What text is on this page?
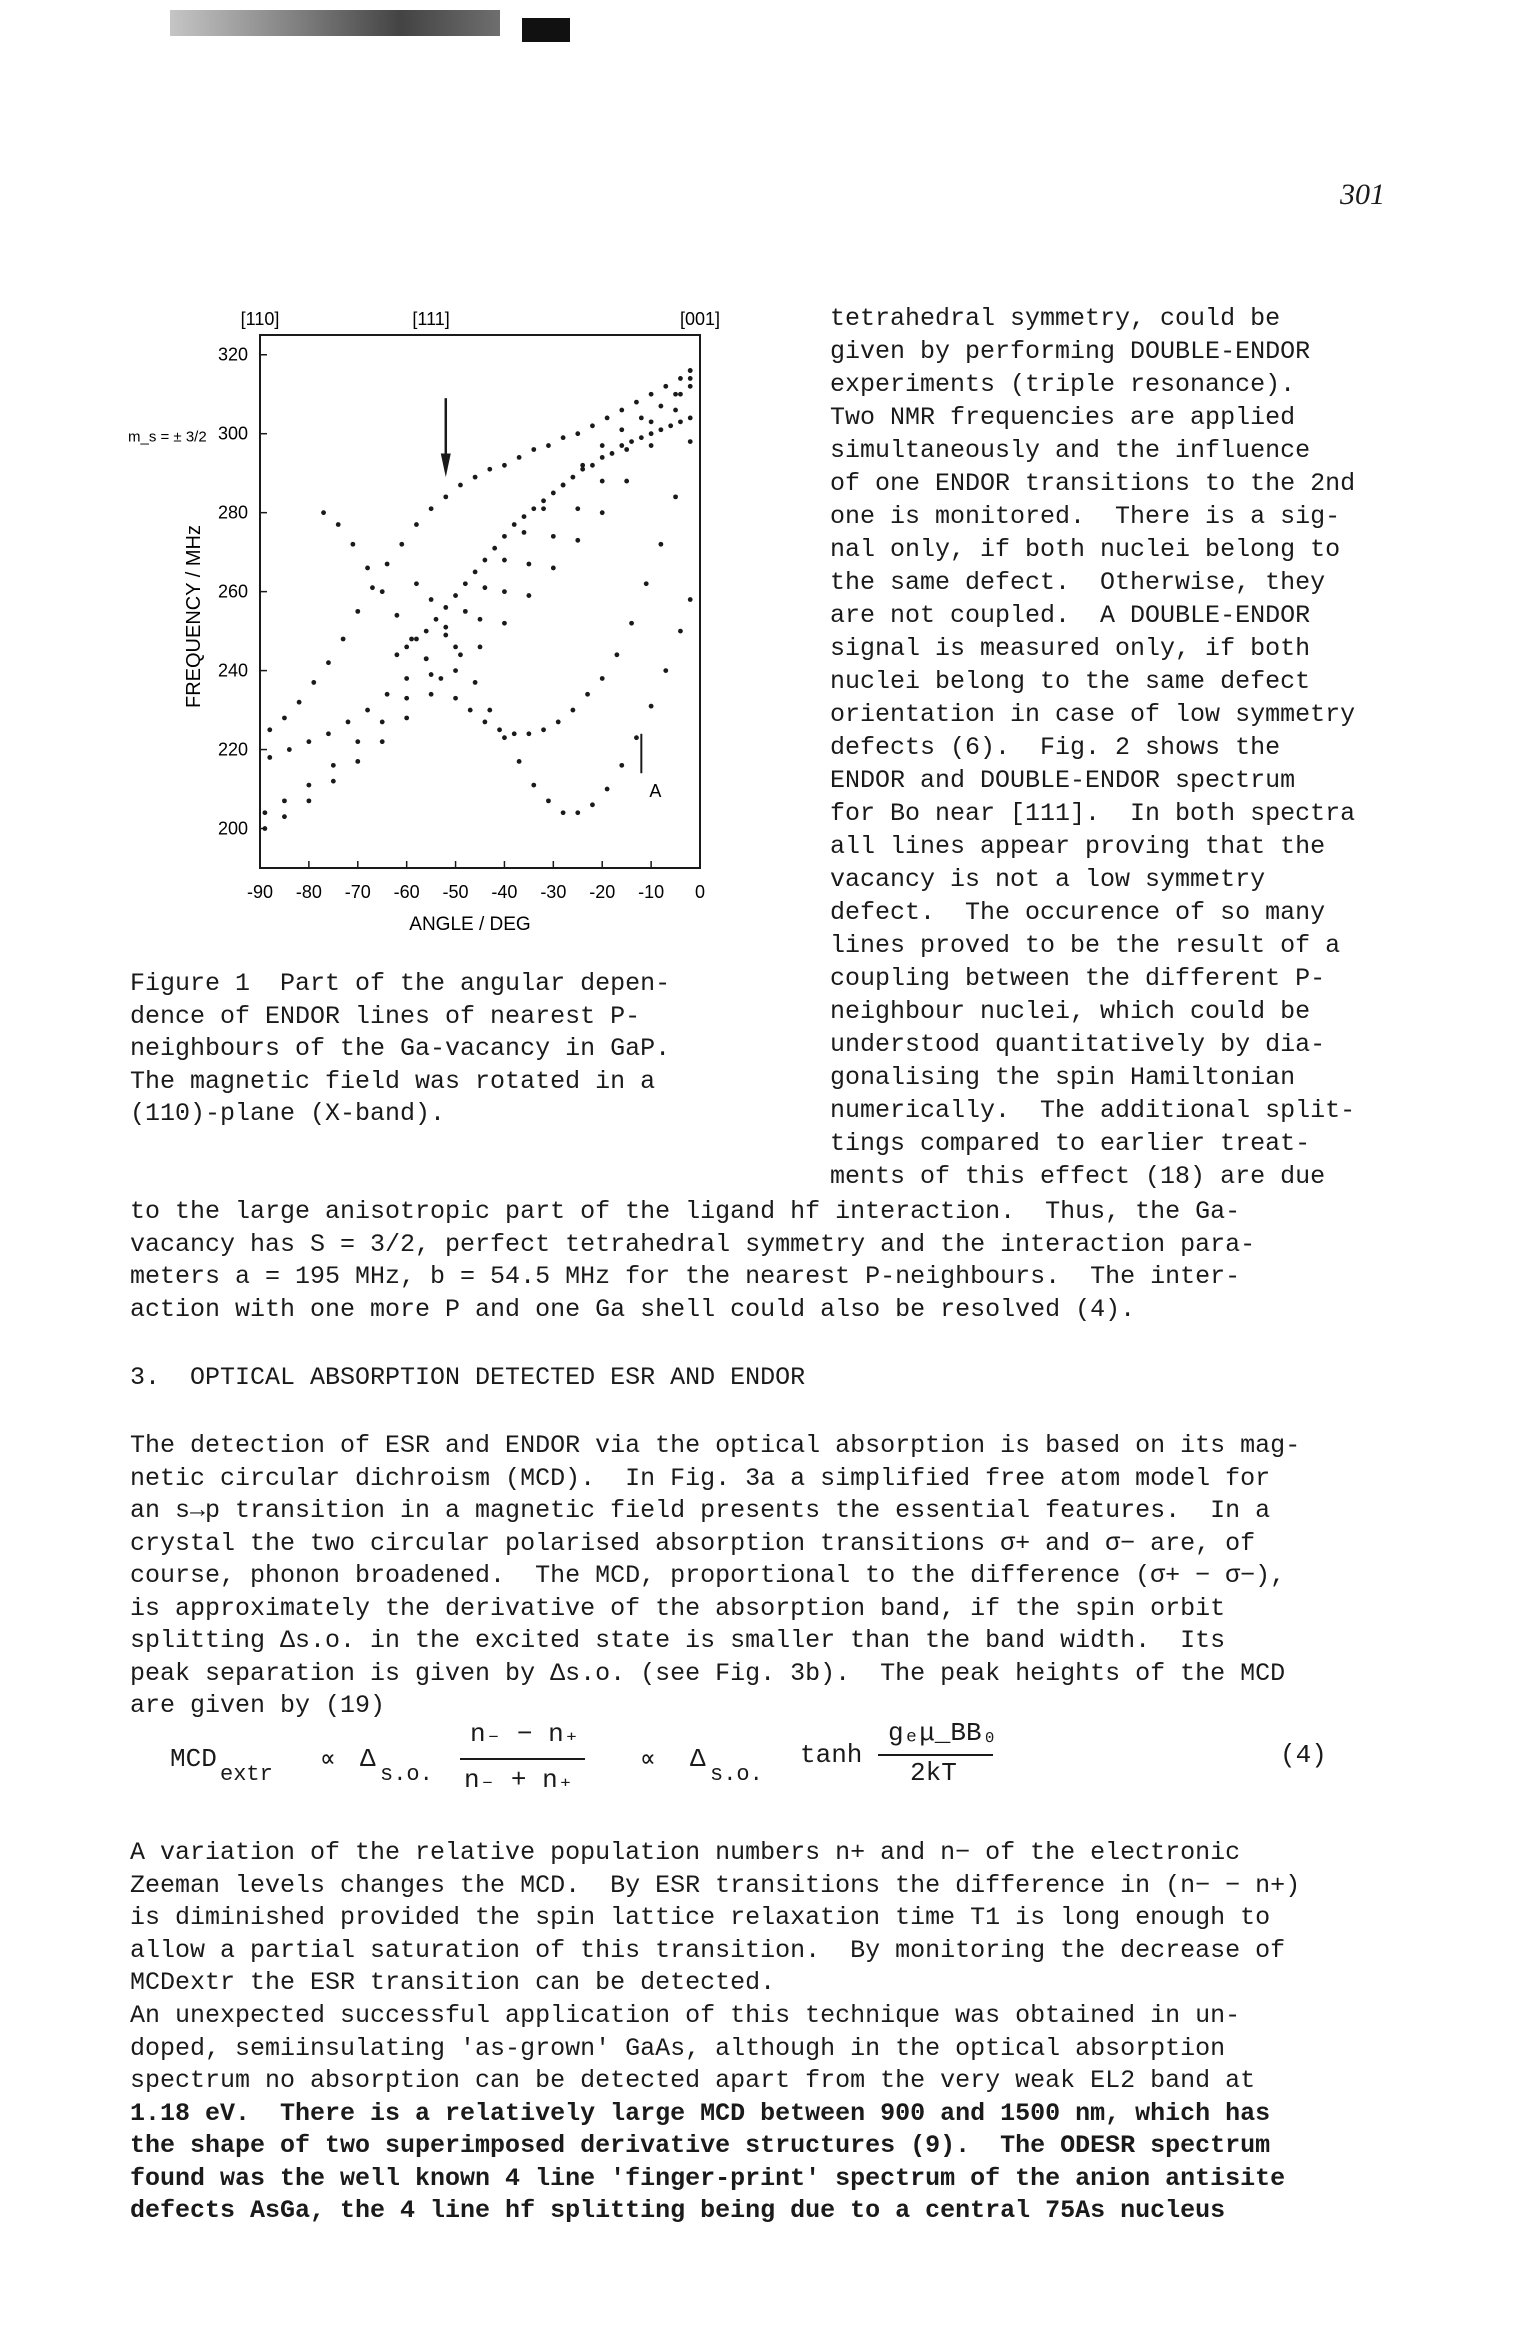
301
-90 -80 -70 -60 -50 -40 -30 -20 -10 0
320
300
280
260
240
220
200
ANGLE / DEG
FREQUENCY / MHz
[110]	[111]	[001]
m_s = ± 3/2
A
Figure 1  Part of the angular depen-
dence of ENDOR lines of nearest P-
neighbours of the Ga-vacancy in GaP.
The magnetic field was rotated in a
(110)-plane (X-band).
tetrahedral symmetry, could be
given by performing DOUBLE-ENDOR
experiments (triple resonance).
Two NMR frequencies are applied
simultaneously and the influence
of one ENDOR transitions to the 2nd
one is monitored.  There is a sig-
nal only, if both nuclei belong to
the same defect.  Otherwise, they
are not coupled.  A DOUBLE-ENDOR
signal is measured only, if both
nuclei belong to the same defect
orientation in case of low symmetry
defects (6).  Fig. 2 shows the
ENDOR and DOUBLE-ENDOR spectrum
for Bo near [111].  In both spectra
all lines appear proving that the
vacancy is not a low symmetry
defect.  The occurence of so many
lines proved to be the result of a
coupling between the different P-
neighbour nuclei, which could be
understood quantitatively by dia-
gonalising the spin Hamiltonian
numerically.  The additional split-
tings compared to earlier treat-
ments of this effect (18) are due
to the large anisotropic part of the ligand hf interaction.  Thus, the Ga-
vacancy has S = 3/2, perfect tetrahedral symmetry and the interaction para-
meters a = 195 MHz, b = 54.5 MHz for the nearest P-neighbours.  The inter-
action with one more P and one Ga shell could also be resolved (4).
3.  OPTICAL ABSORPTION DETECTED ESR AND ENDOR
The detection of ESR and ENDOR via the optical absorption is based on its mag-
netic circular dichroism (MCD).  In Fig. 3a a simplified free atom model for
an s→p transition in a magnetic field presents the essential features.  In a
crystal the two circular polarised absorption transitions σ+ and σ− are, of
course, phonon broadened.  The MCD, proportional to the difference (σ+ − σ−),
is approximately the derivative of the absorption band, if the spin orbit
splitting Δs.o. in the excited state is smaller than the band width.  Its
peak separation is given by Δs.o. (see Fig. 3b).  The peak heights of the MCD
are given by (19)
MCD
extr ∝ Δ
s.o.
n₋ − n₊
n₋ + n₊
∝ Δ
s.o.
tanh
gₑμ_BB₀
2kT
(4)
A variation of the relative population numbers n+ and n− of the electronic
Zeeman levels changes the MCD.  By ESR transitions the difference in (n− − n+)
is diminished provided the spin lattice relaxation time T1 is long enough to
allow a partial saturation of this transition.  By monitoring the decrease of
MCDextr the ESR transition can be detected.
An unexpected successful application of this technique was obtained in un-
doped, semiinsulating 'as-grown' GaAs, although in the optical absorption
spectrum no absorption can be detected apart from the very weak EL2 band at
1.18 eV.  There is a relatively large MCD between 900 and 1500 nm, which has
the shape of two superimposed derivative structures (9).  The ODESR spectrum
found was the well known 4 line 'finger-print' spectrum of the anion antisite
defects AsGa, the 4 line hf splitting being due to a central 75As nucleus
